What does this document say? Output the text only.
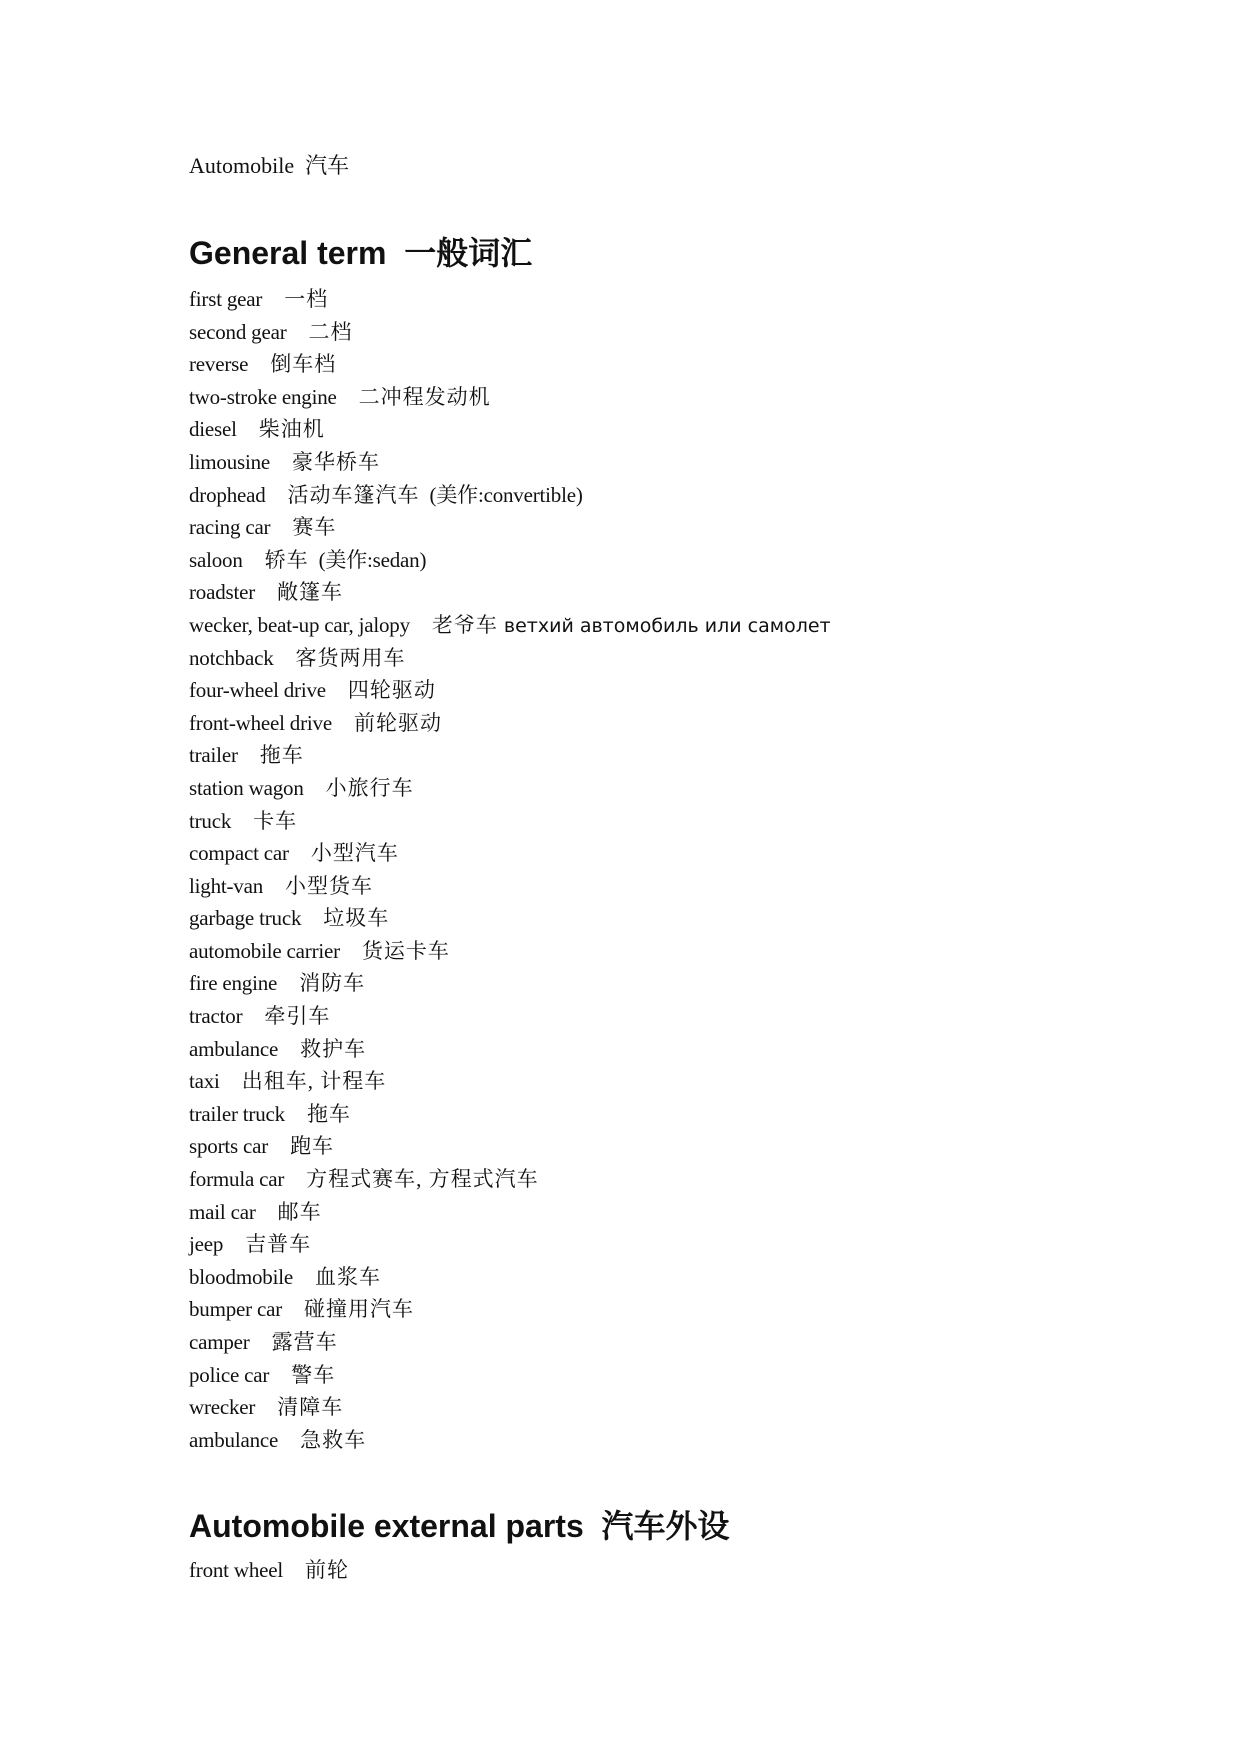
Automobile  汽车

General term  一般词汇
first gear 一档
second gear 二档
reverse 倒车档
two-stroke engine 二冲程发动机
diesel 柴油机
limousine 豪华桥车
drophead 活动车篷汽车 (美作:convertible)
racing car 赛车
saloon 轿车 (美作:sedan)
roadster 敞篷车
wecker, beat-up car, jalopy 老爷车 ветхий автомобиль или самолет
notchback 客货两用车
four-wheel drive 四轮驱动
front-wheel drive 前轮驱动
trailer 拖车
station wagon 小旅行车
truck 卡车
compact car 小型汽车
light-van 小型货车
garbage truck 垃圾车
automobile carrier 货运卡车
fire engine 消防车
tractor 牵引车
ambulance 救护车
taxi 出租车, 计程车
trailer truck 拖车
sports car 跑车
formula car 方程式赛车, 方程式汽车
mail car 邮车
jeep 吉普车
bloodmobile 血浆车
bumper car 碰撞用汽车
camper 露营车
police car 警车
wrecker 清障车
ambulance 急救车
Automobile external parts  汽车外设
front wheel 前轮
